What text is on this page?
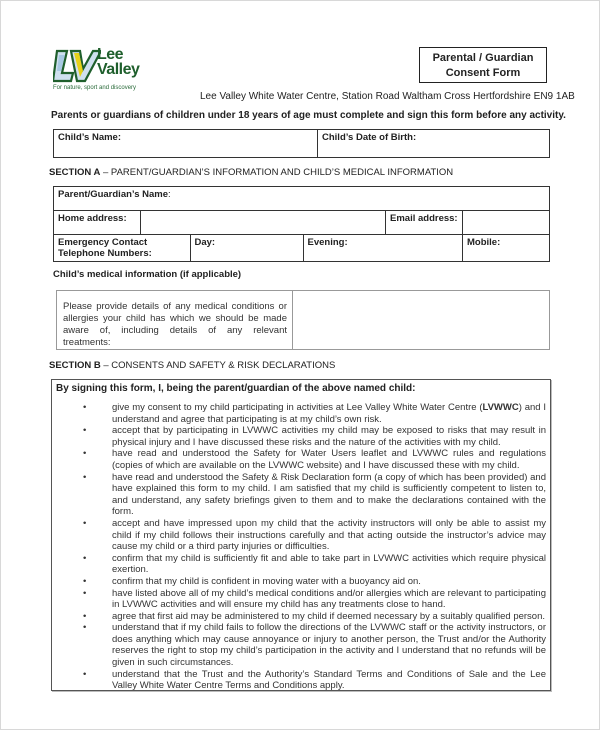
Lee
Valley
For nature, sport and discovery
Parental / Guardian
Consent Form
Lee Valley White Water Centre, Station Road Waltham Cross Hertfordshire EN9 1AB
Parents or guardians of children under 18 years of age must complete and sign this form before any activity.
Child’s Name:	Child’s Date of Birth:
SECTION A – PARENT/GUARDIAN’S INFORMATION AND CHILD’S MEDICAL INFORMATION
Parent/Guardian’s Name:					
Home address:				Email address:	

Emergency Contact
Telephone Numbers:		Day:	Evening:		Mobile:
Child’s medical information (if applicable)
Please provide details of any medical conditions or allergies your child has which we should be made aware of, including details of any relevant treatments:
SECTION B – CONSENTS AND SAFETY & RISK DECLARATIONS
By signing this form, I, being the parent/guardian of the above named child:
• give my consent to my child participating in activities at Lee Valley White Water Centre (LVWWC) and I understand and agree that participating is at my child’s own risk.
• accept that by participating in LVWWC activities my child may be exposed to risks that may result in physical injury and I have discussed these risks and the nature of the activities with my child.
• have read and understood the Safety for Water Users leaflet and LVWWC rules and regulations (copies of which are available on the LVWWC website) and I have discussed these with my child.
• have read and understood the Safety & Risk Declaration form (a copy of which has been provided) and have explained this form to my child. I am satisfied that my child is sufficiently competent to listen to, and understand, any safety briefings given to them and to make the declarations contained with the form.
• accept and have impressed upon my child that the activity instructors will only be able to assist my child if my child follows their instructions carefully and that acting outside the instructor’s advice may cause my child or a third party injuries or difficulties.
• confirm that my child is sufficiently fit and able to take part in LVWWC activities which require physical exertion.
• confirm that my child is confident in moving water with a buoyancy aid on.
• have listed above all of my child’s medical conditions and/or allergies which are relevant to participating in LVWWC activities and will ensure my child has any treatments close to hand.
• agree that first aid may be administered to my child if deemed necessary by a suitably qualified person.
• understand that if my child fails to follow the directions of the LVWWC staff or the activity instructors, or does anything which may cause annoyance or injury to another person, the Trust and/or the Authority reserves the right to stop my child’s participation in the activity and I understand that no refunds will be given in such circumstances.
• understand that the Trust and the Authority’s Standard Terms and Conditions of Sale and the Lee Valley White Water Centre Terms and Conditions apply.
